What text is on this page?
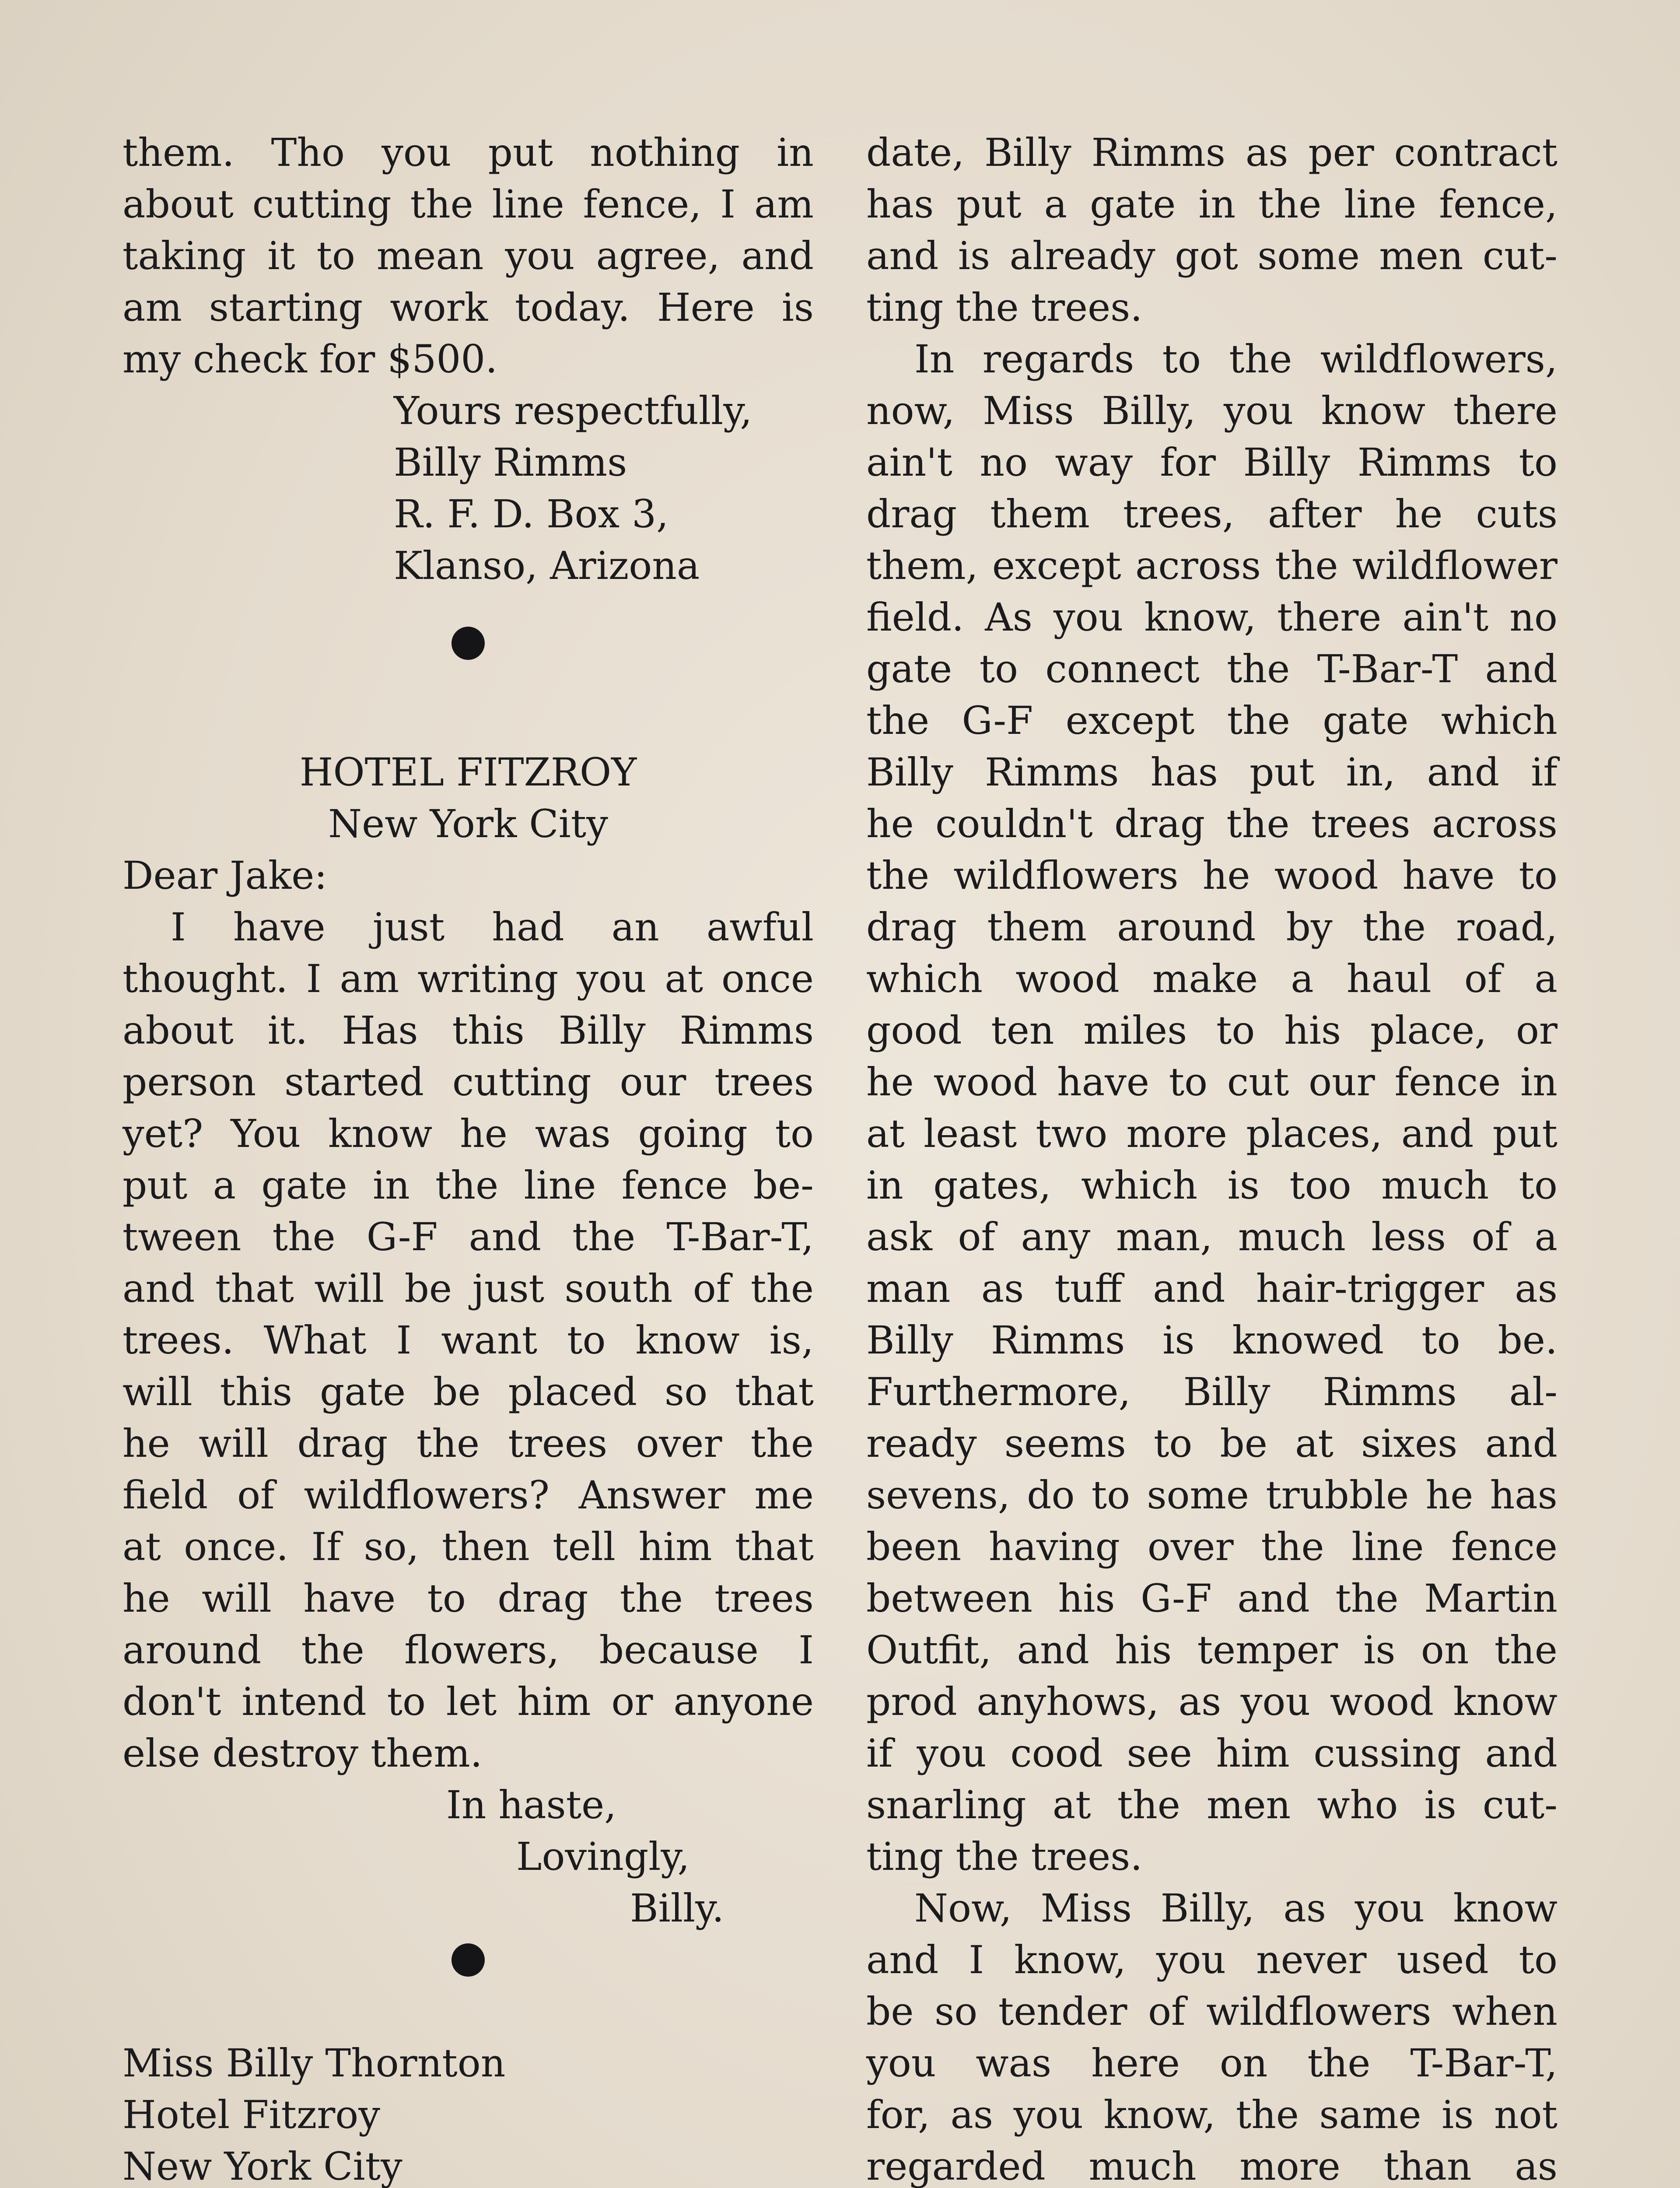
them. Tho you put nothing in
about cutting the line fence, I am
taking it to mean you agree, and
am starting work today. Here is
my check for $500.
Yours respectfully,
Billy Rimms
R. F. D. Box 3,
Klanso, Arizona
HOTEL FITZROY
New York City
Dear Jake:
I have just had an awful
thought. I am writing you at once
about it. Has this Billy Rimms
person started cutting our trees
yet? You know he was going to
put a gate in the line fence be-
tween the G-F and the T-Bar-T,
and that will be just south of the
trees. What I want to know is,
will this gate be placed so that
he will drag the trees over the
field of wildflowers? Answer me
at once. If so, then tell him that
he will have to drag the trees
around the flowers, because I
don't intend to let him or anyone
else destroy them.
In haste,
Lovingly,
Billy.
Miss Billy Thornton
Hotel Fitzroy
New York City
date, Billy Rimms as per contract
has put a gate in the line fence,
and is already got some men cut-
ting the trees.
In regards to the wildflowers,
now, Miss Billy, you know there
ain't no way for Billy Rimms to
drag them trees, after he cuts
them, except across the wildflower
field. As you know, there ain't no
gate to connect the T-Bar-T and
the G-F except the gate which
Billy Rimms has put in, and if
he couldn't drag the trees across
the wildflowers he wood have to
drag them around by the road,
which wood make a haul of a
good ten miles to his place, or
he wood have to cut our fence in
at least two more places, and put
in gates, which is too much to
ask of any man, much less of a
man as tuff and hair-trigger as
Billy Rimms is knowed to be.
Furthermore, Billy Rimms al-
ready seems to be at sixes and
sevens, do to some trubble he has
been having over the line fence
between his G-F and the Martin
Outfit, and his temper is on the
prod anyhows, as you wood know
if you cood see him cussing and
snarling at the men who is cut-
ting the trees.
Now, Miss Billy, as you know
and I know, you never used to
be so tender of wildflowers when
you was here on the T-Bar-T,
for, as you know, the same is not
regarded much more than as
